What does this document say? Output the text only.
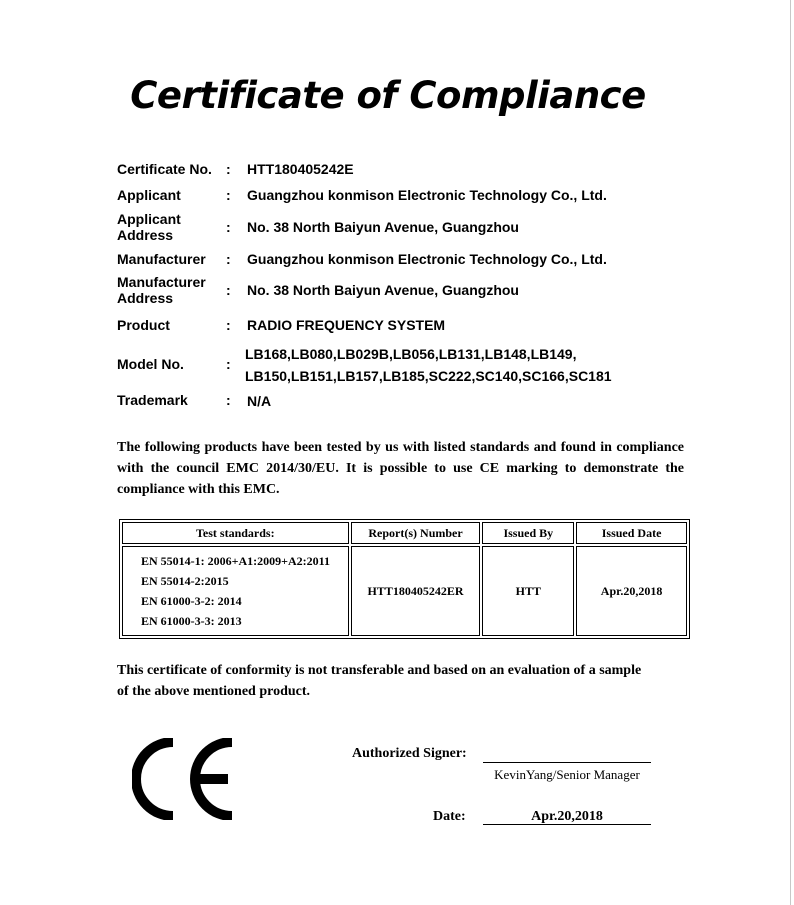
Certificate of Compliance
Certificate No. : HTT180405242E
Applicant	: Guangzhou konmison Electronic Technology Co., Ltd.
Applicant
Address	: No. 38 North Baiyun Avenue, Guangzhou
Manufacturer : Guangzhou konmison Electronic Technology Co., Ltd.
Manufacturer
Address	: No. 38 North Baiyun Avenue, Guangzhou
Product	: RADIO FREQUENCY SYSTEM
Model No.	:
LB168,LB080,LB029B,LB056,LB131,LB148,LB149,
LB150,LB151,LB157,LB185,SC222,SC140,SC166,SC181
Trademark	: N/A
The following products have been tested by us with listed standards and found in compliance with the council EMC 2014/30/EU. It is possible to use CE marking to demonstrate the compliance with this EMC.
Test standards:	Report(s) Number	Issued By	Issued Date

EN 55014-1: 2006+A1:2009+A2:2011
EN 55014-2:2015
EN 61000-3-2: 2014
EN 61000-3-3: 2013	HTT180405242ER	HTT	Apr.20,2018
This certificate of conformity is not transferable and based on an evaluation of a sample
of the above mentioned product.
Authorized Signer:
KevinYang/Senior Manager
Date:	Apr.20,2018
